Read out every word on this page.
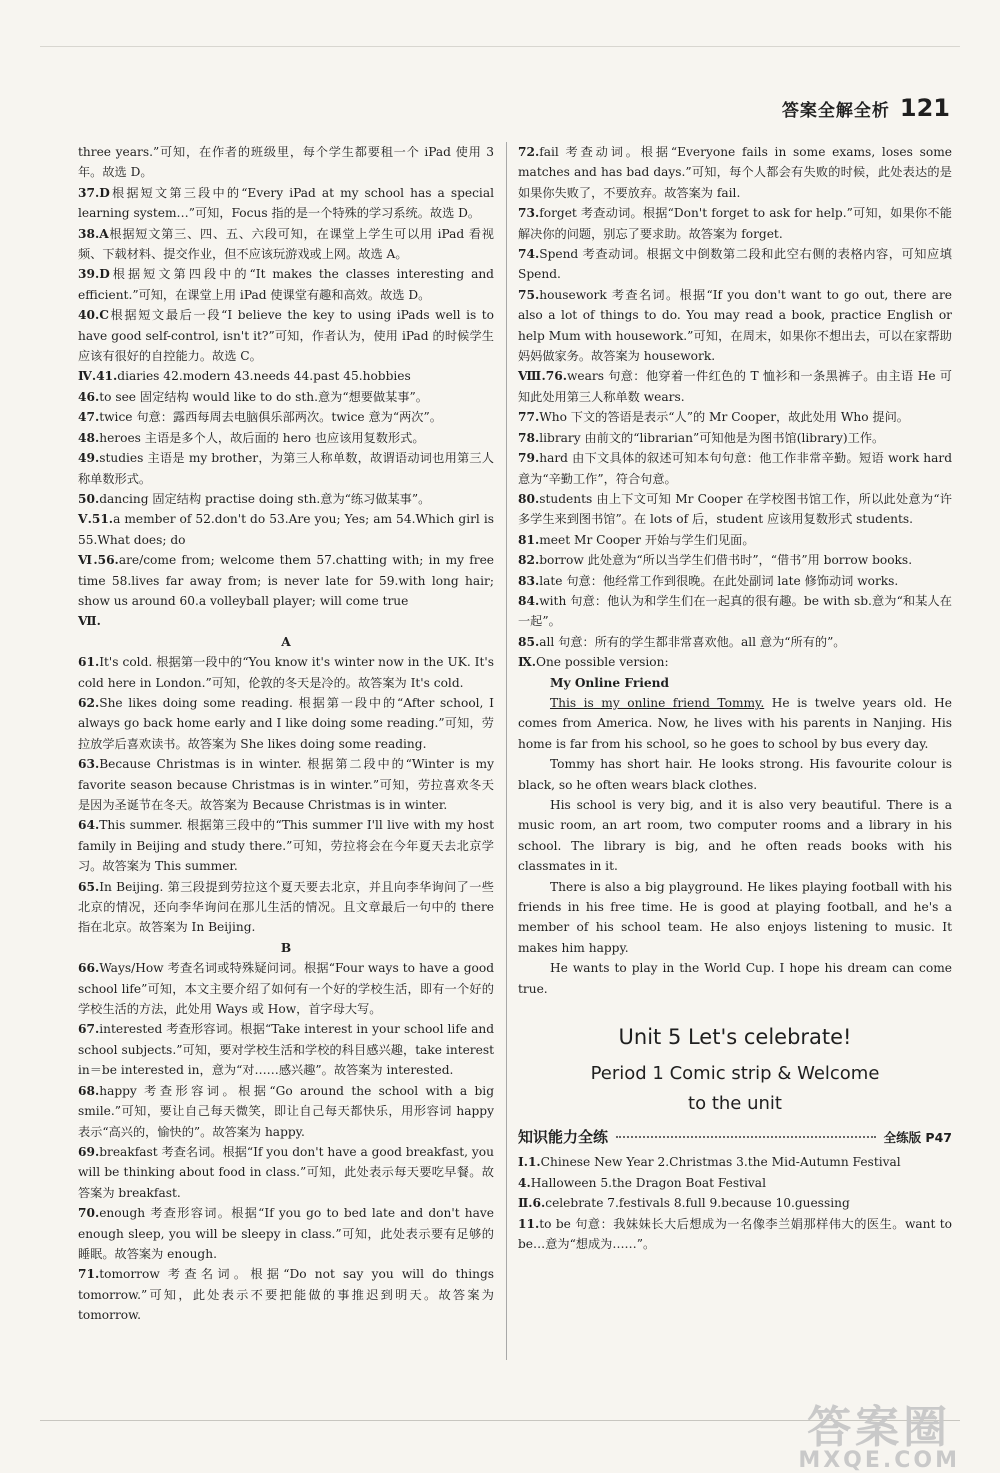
答案全解全析 121

three years.”可知，在作者的班级里，每个学生都要租一个 iPad 使用 3 年。故选 D。

37.D根据短文第三段中的“Every iPad at my school has a special learning system…”可知，Focus 指的是一个特殊的学习系统。故选 D。

38.A根据短文第三、四、五、六段可知，在课堂上学生可以用 iPad 看视频、下载材料、提交作业，但不应该玩游戏或上网。故选 A。

39.D根据短文第四段中的“It makes the classes interesting and efficient.”可知，在课堂上用 iPad 使课堂有趣和高效。故选 D。

40.C根据短文最后一段“I believe the key to using iPads well is to have good self-control, isn't it?”可知，作者认为，使用 iPad 的时候学生应该有很好的自控能力。故选 C。

Ⅳ.41.diaries 42.modern 43.needs 44.past 45.hobbies

46.to see 固定结构 would like to do sth.意为“想要做某事”。

47.twice 句意：露西每周去电脑俱乐部两次。twice 意为“两次”。

48.heroes 主语是多个人，故后面的 hero 也应该用复数形式。

49.studies 主语是 my brother，为第三人称单数，故谓语动词也用第三人称单数形式。

50.dancing 固定结构 practise doing sth.意为“练习做某事”。

Ⅴ.51.a member of 52.don't do 53.Are you; Yes; am 54.Which girl is 55.What does; do

Ⅵ.56.are/come from; welcome them 57.chatting with; in my free time 58.lives far away from; is never late for 59.with long hair; show us around 60.a volleyball player; will come true

Ⅶ.

A

61.It's cold. 根据第一段中的“You know it's winter now in the UK. It's cold here in London.”可知，伦敦的冬天是冷的。故答案为 It's cold.

62.She likes doing some reading. 根据第一段中的“After school, I always go back home early and I like doing some reading.”可知，劳拉放学后喜欢读书。故答案为 She likes doing some reading.

63.Because Christmas is in winter. 根据第二段中的“Winter is my favorite season because Christmas is in winter.”可知，劳拉喜欢冬天是因为圣诞节在冬天。故答案为 Because Christmas is in winter.

64.This summer. 根据第三段中的“This summer I'll live with my host family in Beijing and study there.”可知，劳拉将会在今年夏天去北京学习。故答案为 This summer.

65.In Beijing. 第三段提到劳拉这个夏天要去北京，并且向李华询问了一些北京的情况，还向李华询问在那儿生活的情况。且文章最后一句中的 there 指在北京。故答案为 In Beijing.

B

66.Ways/How 考查名词或特殊疑问词。根据“Four ways to have a good school life”可知，本文主要介绍了如何有一个好的学校生活，即有一个好的学校生活的方法，此处用 Ways 或 How，首字母大写。

67.interested 考查形容词。根据“Take interest in your school life and school subjects.”可知，要对学校生活和学校的科目感兴趣，take interest in＝be interested in，意为“对……感兴趣”。故答案为 interested.

68.happy 考查形容词。根据“Go around the school with a big smile.”可知，要让自己每天微笑，即让自己每天都快乐，用形容词 happy 表示“高兴的，愉快的”。故答案为 happy.

69.breakfast 考查名词。根据“If you don't have a good breakfast, you will be thinking about food in class.”可知，此处表示每天要吃早餐。故答案为 breakfast.

70.enough 考查形容词。根据“If you go to bed late and don't have enough sleep, you will be sleepy in class.”可知，此处表示要有足够的睡眠。故答案为 enough.

71.tomorrow 考查名词。根据“Do not say you will do things tomorrow.”可知，此处表示不要把能做的事推迟到明天。故答案为 tomorrow.

72.fail 考查动词。根据“Everyone fails in some exams, loses some matches and has bad days.”可知，每个人都会有失败的时候，此处表达的是如果你失败了，不要放弃。故答案为 fail.

73.forget 考查动词。根据“Don't forget to ask for help.”可知，如果你不能解决你的问题，别忘了要求助。故答案为 forget.

74.Spend 考查动词。根据文中倒数第二段和此空右侧的表格内容，可知应填 Spend.

75.housework 考查名词。根据“If you don't want to go out, there are also a lot of things to do. You may read a book, practice English or help Mum with housework.”可知，在周末，如果你不想出去，可以在家帮助妈妈做家务。故答案为 housework.

Ⅷ.76.wears 句意：他穿着一件红色的 T 恤衫和一条黑裤子。由主语 He 可知此处用第三人称单数 wears.

77.Who 下文的答语是表示“人”的 Mr Cooper，故此处用 Who 提问。

78.library 由前文的“librarian”可知他是为图书馆(library)工作。

79.hard 由下文具体的叙述可知本句句意：他工作非常辛勤。短语 work hard 意为“辛勤工作”，符合句意。

80.students 由上下文可知 Mr Cooper 在学校图书馆工作，所以此处意为“许多学生来到图书馆”。在 lots of 后，student 应该用复数形式 students.

81.meet Mr Cooper 开始与学生们见面。

82.borrow 此处意为“所以当学生们借书时”，“借书”用 borrow books.

83.late 句意：他经常工作到很晚。在此处副词 late 修饰动词 works.

84.with 句意：他认为和学生们在一起真的很有趣。be with sb.意为“和某人在一起”。

85.all 句意：所有的学生都非常喜欢他。all 意为“所有的”。

Ⅸ.One possible version:

My Online Friend

This is my online friend Tommy. He is twelve years old. He comes from America. Now, he lives with his parents in Nanjing. His home is far from his school, so he goes to school by bus every day.

Tommy has short hair. He looks strong. His favourite colour is black, so he often wears black clothes.

His school is very big, and it is also very beautiful. There is a music room, an art room, two computer rooms and a library in his school. The library is big, and he often reads books with his classmates in it.

There is also a big playground. He likes playing football with his friends in his free time. He is good at playing football, and he's a member of his school team. He also enjoys listening to music. It makes him happy.

He wants to play in the World Cup. I hope his dream can come true.

Unit 5 Let's celebrate!
Period 1 Comic strip & Welcome
to the unit
知识能力全练	全练版 P47

Ⅰ.1.Chinese New Year 2.Christmas 3.the Mid-Autumn Festival

4.Halloween 5.the Dragon Boat Festival

Ⅱ.6.celebrate 7.festivals 8.full 9.because 10.guessing

11.to be 句意：我妹妹长大后想成为一名像李兰娟那样伟大的医生。want to be…意为“想成为……”。

答案圈
MXQE.COM
